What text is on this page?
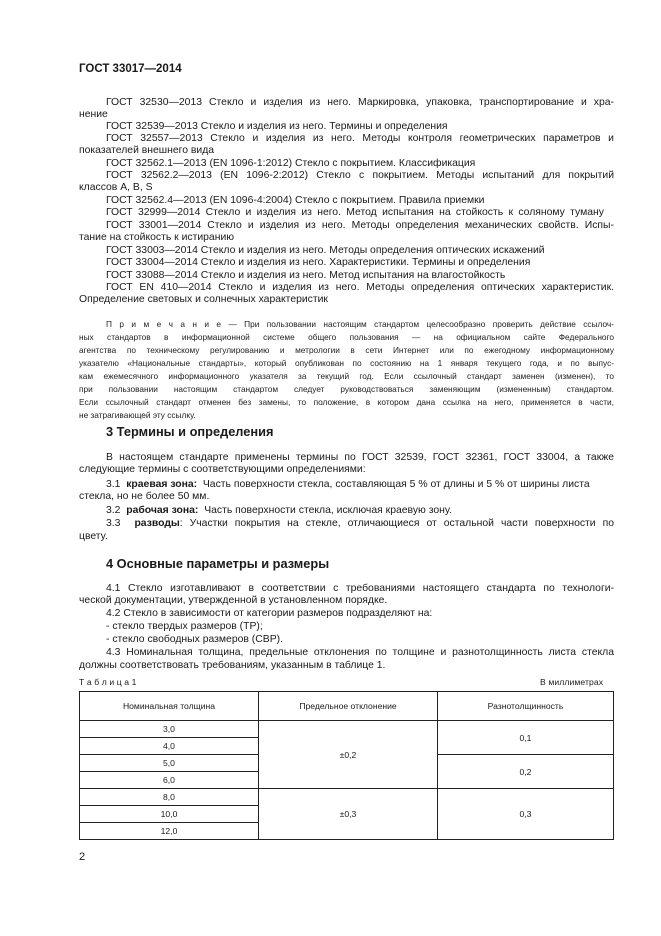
ГОСТ 33017—2014
ГОСТ 32530—2013 Стекло и изделия из него. Маркировка, упаковка, транспортирование и хра-
нение
ГОСТ 32539—2013 Стекло и изделия из него. Термины и определения
ГОСТ 32557—2013 Стекло и изделия из него. Методы контроля геометрических параметров и
показателей внешнего вида
ГОСТ 32562.1—2013 (EN 1096-1:2012) Стекло с покрытием. Классификация
ГОСТ 32562.2—2013 (EN 1096-2:2012) Стекло с покрытием. Методы испытаний для покрытий
классов A, B, S
ГОСТ 32562.4—2013 (EN 1096-4:2004) Стекло с покрытием. Правила приемки
ГОСТ 32999—2014 Стекло и изделия из него. Метод испытания на стойкость к соляному туману
ГОСТ 33001—2014 Стекло и изделия из него. Методы определения механических свойств. Испы-
тание на стойкость к истиранию
ГОСТ 33003—2014 Стекло и изделия из него. Методы определения оптических искажений
ГОСТ 33004—2014 Стекло и изделия из него. Характеристики. Термины и определения
ГОСТ 33088—2014 Стекло и изделия из него. Метод испытания на влагостойкость
ГОСТ EN 410—2014 Стекло и изделия из него. Методы определения оптических характеристик.
Определение световых и солнечных характеристик
П р и м е ч а н и е — При пользовании настоящим стандартом целесообразно проверить действие ссылоч-
ных стандартов в информационной системе общего пользования — на официальном сайте Федерального
агентства по техническому регулированию и метрологии в сети Интернет или по ежегодному информационному
указателю «Национальные стандарты», который опубликован по состоянию на 1 января текущего года, и по выпус-
кам ежемесячного информационного указателя за текущий год. Если ссылочный стандарт заменен (изменен), то
при пользовании настоящим стандартом следует руководствоваться заменяющим (измененным) стандартом.
Если ссылочный стандарт отменен без замены, то положение, в котором дана ссылка на него, применяется в части,
не затрагивающей эту ссылку.
3 Термины и определения
В настоящем стандарте применены термины по ГОСТ 32539, ГОСТ 32361, ГОСТ 33004, а также
следующие термины с соответствующими определениями:
3.1 краевая зона: Часть поверхности стекла, составляющая 5 % от длины и 5 % от ширины листа
стекла, но не более 50 мм.
3.2 рабочая зона: Часть поверхности стекла, исключая краевую зону.
3.3 разводы: Участки покрытия на стекле, отличающиеся от остальной части поверхности по
цвету.
4 Основные параметры и размеры
4.1 Стекло изготавливают в соответствии с требованиями настоящего стандарта по технологи-
ческой документации, утвержденной в установленном порядке.
4.2 Стекло в зависимости от категории размеров подразделяют на:
- стекло твердых размеров (ТР);
- стекло свободных размеров (СВР).
4.3 Номинальная толщина, предельные отклонения по толщине и разнотолщинность листа стекла
должны соответствовать требованиям, указанным в таблице 1.
Т а б л и ц а 1	В миллиметрах
Номинальная толщина	Предельное отклонение	Разнотолщинность
3,0	±0,2	0,1
4,0		
5,0		0,2
6,0		
8,0	±0,3	0,3
10,0		
12,0		
2
